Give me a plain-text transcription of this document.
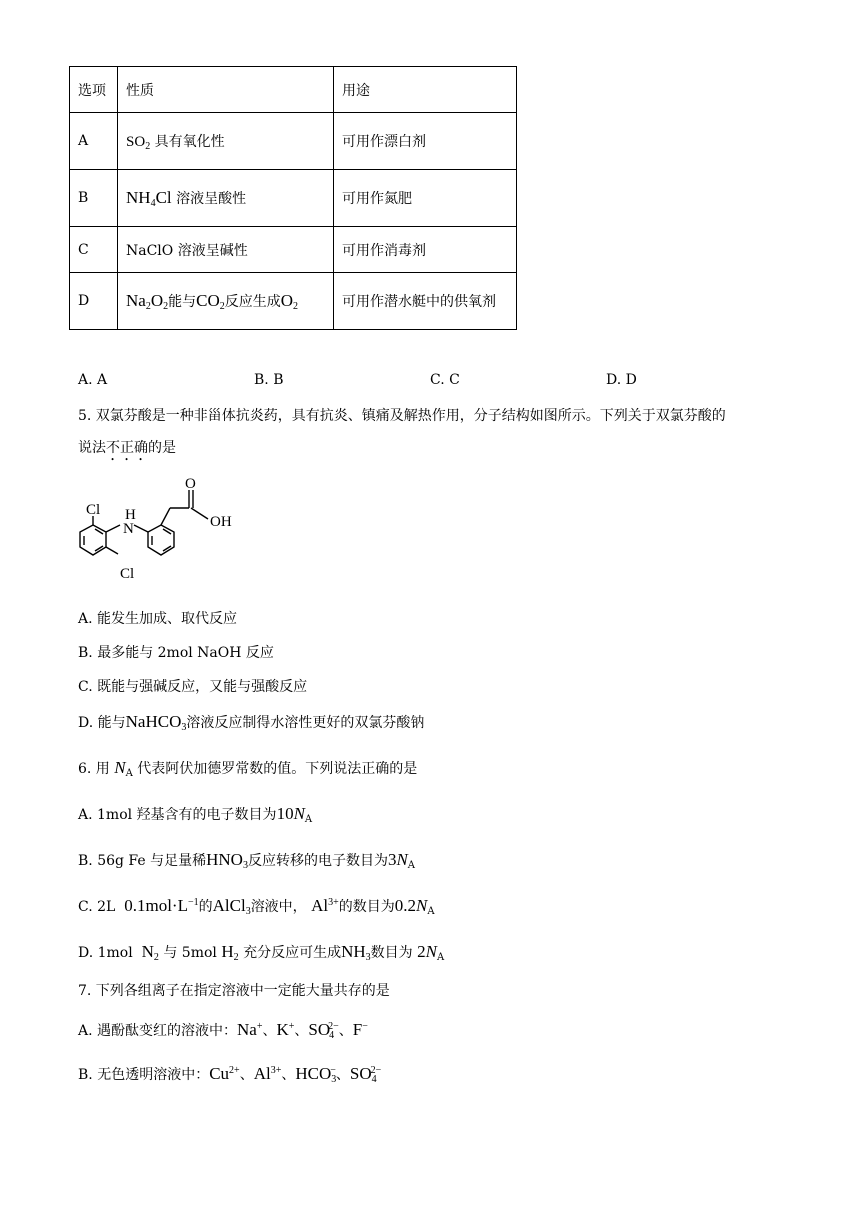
选项	性质	用途
A	$SO_2$ 具有氧化性	可用作漂白剂
B	$NH_4Cl$ 溶液呈酸性	可用作氮肥
C	NaClO 溶液呈碱性	可用作消毒剂
D	$Na_2O_2$能与$CO_2$反应生成$O_2$	可用作潜水艇中的供氧剂
A. A	B. B	C. C	D. D
5. 双氯芬酸是一种非甾体抗炎药，具有抗炎、镇痛及解热作用，分子结构如图所示。下列关于双氯芬酸的
说法不正确的是
Cl
Cl
H
N
O
OH
A. 能发生加成、取代反应
B. 最多能与 2mol NaOH 反应
C. 既能与强碱反应，又能与强酸反应
D. 能与NaHCO$_3$溶液反应制得水溶性更好的双氯芬酸钠
6. 用 $N_A$ 代表阿伏加德罗常数的值。下列说法正确的是
A. 1mol 羟基含有的电子数目为$10N_A$
B. 56g Fe 与足量稀$HNO_3$反应转移的电子数目为$3N_A$
C. 2L $0.1mol\cdot L^{-1}$的AlCl$_3$溶液中， $Al^{3+}$的数目为$0.2N_A$
D. 1mol $N_2$ 与 5mol $H_2$ 充分反应可生成$NH_3$数目为 $2N_A$
7. 下列各组离子在指定溶液中一定能大量共存的是
A. 遇酚酞变红的溶液中：Na+、K+、$SO_4^{2-}$、F−
B. 无色透明溶液中：$Cu^{2+}$、$Al^{3+}$、$HCO_3^-$、$SO_4^{2-}$
